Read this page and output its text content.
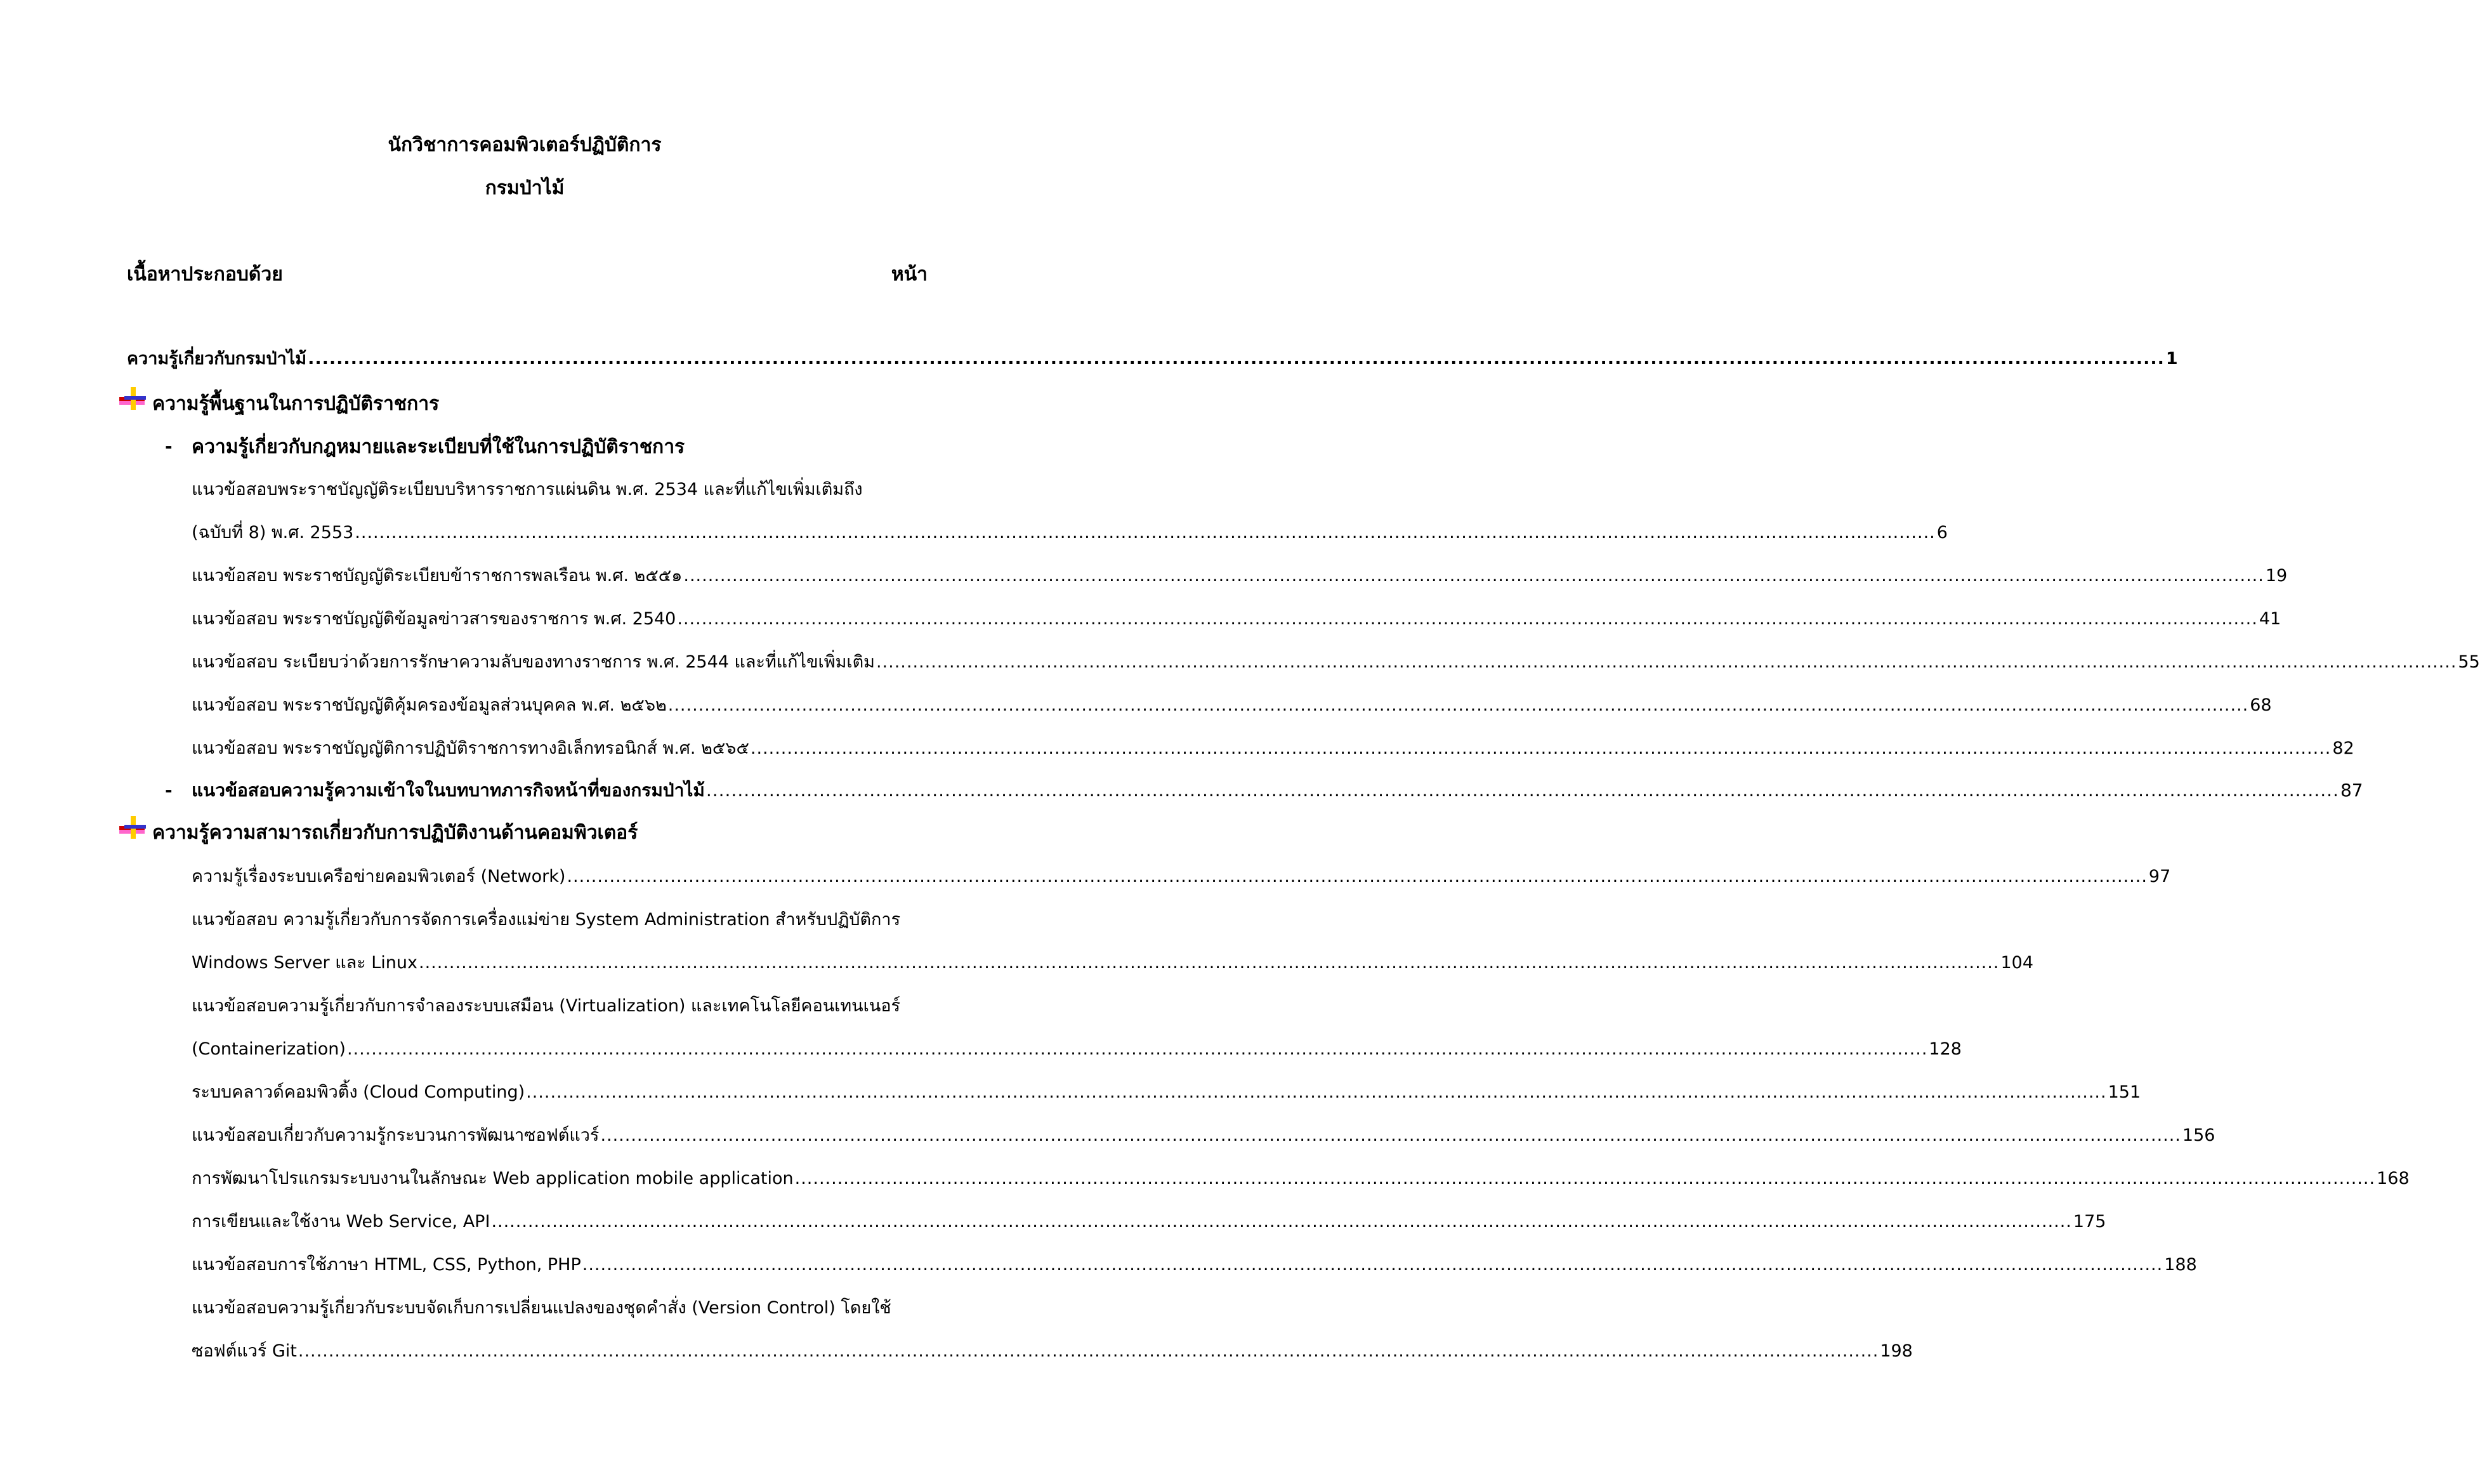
นักวิชาการคอมพิวเตอร์ปฏิบัติการ
กรมป่าไม้
เนื้อหาประกอบด้วย	หน้า
ความรู้เกี่ยวกับกรมป่าไม้ .................................................................................................................................................................................................................................................................... 1
ความรู้พื้นฐานในการปฏิบัติราชการ
- ความรู้เกี่ยวกับกฎหมายและระเบียบที่ใช้ในการปฏิบัติราชการ
แนวข้อสอบพระราชบัญญัติระเบียบบริหารราชการแผ่นดิน พ.ศ. 2534 และที่แก้ไขเพิ่มเติมถึง
(ฉบับที่ 8) พ.ศ. 2553 .................................................................................................................................................................................................................................................................... 6
แนวข้อสอบ พระราชบัญญัติระเบียบข้าราชการพลเรือน พ.ศ. ๒๕๕๑ .................................................................................................................................................................................................................................................................... 19
แนวข้อสอบ พระราชบัญญัติข้อมูลข่าวสารของราชการ พ.ศ. 2540 .................................................................................................................................................................................................................................................................... 41
แนวข้อสอบ ระเบียบว่าด้วยการรักษาความลับของทางราชการ พ.ศ. 2544 และที่แก้ไขเพิ่มเติม .................................................................................................................................................................................................................................................................... 55
แนวข้อสอบ พระราชบัญญัติคุ้มครองข้อมูลส่วนบุคคล พ.ศ. ๒๕๖๒ .................................................................................................................................................................................................................................................................... 68
แนวข้อสอบ พระราชบัญญัติการปฏิบัติราชการทางอิเล็กทรอนิกส์ พ.ศ. ๒๕๖๕ .................................................................................................................................................................................................................................................................... 82
- แนวข้อสอบความรู้ความเข้าใจในบทบาทภารกิจหน้าที่ของกรมป่าไม้ .................................................................................................................................................................................................................................................................... 87
ความรู้ความสามารถเกี่ยวกับการปฏิบัติงานด้านคอมพิวเตอร์
ความรู้เรื่องระบบเครือข่ายคอมพิวเตอร์ (Network) .................................................................................................................................................................................................................................................................... 97
แนวข้อสอบ ความรู้เกี่ยวกับการจัดการเครื่องแม่ข่าย System Administration สำหรับปฏิบัติการ
Windows Server และ Linux .................................................................................................................................................................................................................................................................... 104
แนวข้อสอบความรู้เกี่ยวกับการจำลองระบบเสมือน (Virtualization) และเทคโนโลยีคอนเทนเนอร์
(Containerization) .................................................................................................................................................................................................................................................................... 128
ระบบคลาวด์คอมพิวติ้ง (Cloud Computing) .................................................................................................................................................................................................................................................................... 151
แนวข้อสอบเกี่ยวกับความรู้กระบวนการพัฒนาซอฟต์แวร์ .................................................................................................................................................................................................................................................................... 156
การพัฒนาโปรแกรมระบบงานในลักษณะ Web application mobile application .................................................................................................................................................................................................................................................................... 168
การเขียนและใช้งาน Web Service, API .................................................................................................................................................................................................................................................................... 175
แนวข้อสอบการใช้ภาษา HTML, CSS, Python, PHP .................................................................................................................................................................................................................................................................... 188
แนวข้อสอบความรู้เกี่ยวกับระบบจัดเก็บการเปลี่ยนแปลงของชุดคำสั่ง (Version Control) โดยใช้
ซอฟต์แวร์ Git .................................................................................................................................................................................................................................................................... 198
